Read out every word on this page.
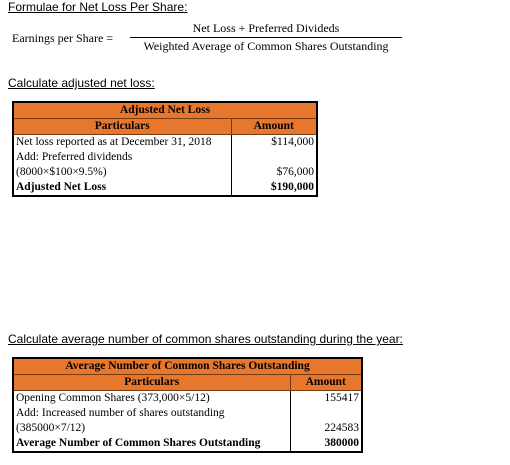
Formulae for Net Loss Per Share:
Earnings per Share =
Net Loss + Preferred Divideds
Weighted Average of Common Shares Outstanding
Calculate adjusted net loss:
Adjusted Net Loss	
Particulars	Amount
Net loss reported as at December 31, 2018	$114,000
Add: Preferred dividends	
(8000×$100×9.5%)	$76,000
Adjusted Net Loss	$190,000
Calculate average number of common shares outstanding during the year:
Average Number of Common Shares Outstanding	
Particulars	Amount
Opening Common Shares (373,000×5/12)	155417
Add: Increased number of shares outstanding	
(385000×7/12)	224583
Average Number of Common Shares Outstanding	380000
